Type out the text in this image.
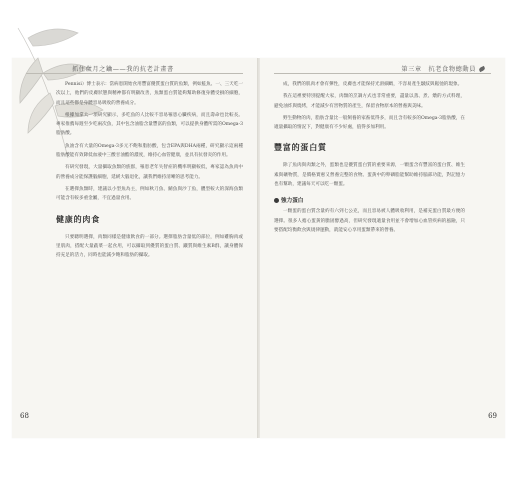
抓住歲月之鑰——我的抗老計畫書

Pennisi）博士表示：當病患開始食用豐富優質蛋白質的魚類，例如鮭魚、一、三天吃一次以上，他們的皮膚狀態與精神都有明顯改善，魚類蛋白質能夠幫助修復身體受損的細胞，而且這些都是身體容易吸收的營養成分。

根據加拿大一項研究顯示，多吃魚的人比較不容易罹患心臟疾病，而且壽命也比較長。專家推薦每週至少吃兩次魚，其中包含油脂含量豐富的魚類，可以提供身體所需的Omega-3脂肪酸。

魚油含有大量的Omega-3多元不飽和脂肪酸，包含EPA與DHA兩種，研究顯示這兩種脂肪酸能有效降低血液中三酸甘油酯的濃度，維持心血管健康，並具有抗發炎的作用。

有研究發現，大量攝取魚類的族群，罹患老年失智症的機率明顯較低，專家認為魚肉中的營養成分能保護腦細胞，延緩大腦退化，讓我們維持清晰的思考能力。

在選擇魚類時，建議以小型魚為主，例如秋刀魚、鯖魚與沙丁魚，體型較大的深海魚類可能含有較多重金屬，不宜過量食用。

健康的肉食

只要聰明選擇，肉類同樣是健康飲食的一部分。選擇脂肪含量低的部位，例如雞胸肉或里肌肉，搭配大量蔬菜一起食用，可以攝取到優質的蛋白質、鐵質與維生素B群，讓身體保持充足的活力，同時也能減少飽和脂肪的攝取。

68
第三章　抗老食物總動員

成，我們的肌肉才會有彈性，皮膚也才能保持光滑細緻，不容易產生皺紋與鬆弛的現象。

我在這裡要特別提醒大家，肉類的烹調方式也非常重要，盡量以蒸、煮、燉的方式料理，避免油炸與燒烤，才能減少有害物質的產生，保留食物原本的營養與美味。

野生動物的肉，脂肪含量比一般飼養的家畜低得多，而且含有較多的Omega-3脂肪酸，在適量攝取的情況下，對健康有不少好處，值得多加利用。

豐富的蛋白質

除了魚肉與肉類之外，蛋類也是優質蛋白質的重要來源，一顆蛋含有豐富的蛋白質、維生素與礦物質，是價格實惠又營養完整的食物。蛋黃中的卵磷脂能幫助維持腦部功能，對記憶力也有幫助，建議每天可以吃一顆蛋。

強力蛋白

一顆蛋的蛋白質含量約有六到七公克，而且容易被人體吸收利用，是補充蛋白質最方便的選擇。很多人擔心蛋黃的膽固醇過高，但研究發現適量食用並不會增加心血管疾病的風險，只要搭配均衡飲食與規律運動，就能安心享用蛋類帶來的營養。

69
